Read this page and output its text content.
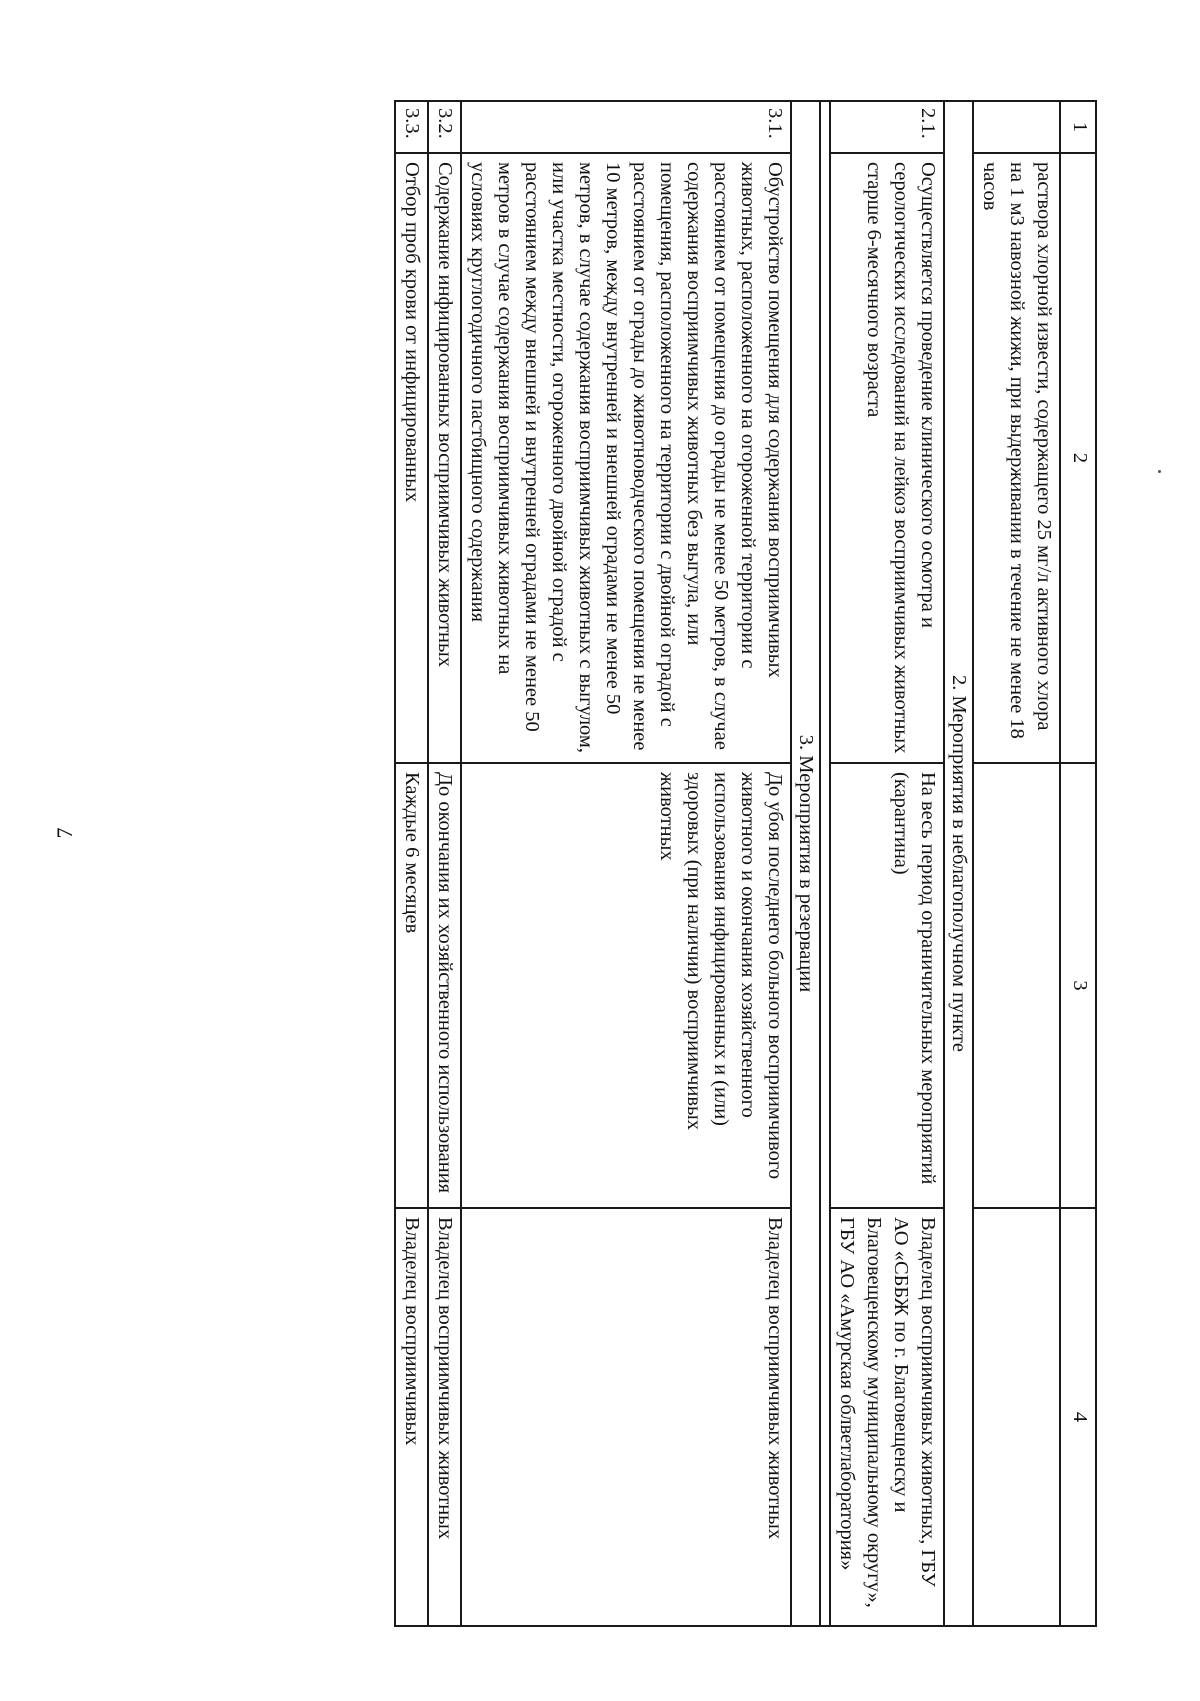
7
1	2	3	4
	раствора хлорной извести, содержащего 25 мг/л активного хлора на 1 м3 навозной жижи, при выдерживании в течение не менее 18 часов		
2. Мероприятия в неблагополучном пункте			
2.1.	Осуществляется проведение клинического осмотра и серологических исследований на лейкоз восприимчивых животных старше 6-месячного возраста	На весь период ограничительных мероприятий (карантина)	Владелец восприимчивых животных, ГБУ АО «СББЖ по г. Благовещенску и Благовещенскому муниципальному округу», ГБУ АО «Амурская облветлаборатория»

3. Мероприятия в резервации			
3.1.	Обустройство помещения для содержания восприимчивых животных, расположенного на огороженной территории с расстоянием от помещения до ограды не менее 50 метров, в случае содержания восприимчивых животных без выгула, или помещения, расположенного на территории с двойной оградой с расстоянием от ограды до животноводческого помещения не менее 10 метров, между внутренней и внешней оградами не менее 50 метров, в случае содержания восприимчивых животных с выгулом, или участка местности, огороженного двойной оградой с расстоянием между внешней и внутренней оградами не менее 50 метров в случае содержания восприимчивых животных на условиях круглогодичного пастбищного содержания	До убоя последнего больного восприимчивого животного и окончания хозяйственного использования инфицированных и (или) здоровых (при наличии) восприимчивых животных	Владелец восприимчивых животных
3.2.	Содержание инфицированных восприимчивых животных	До окончания их хозяйственного использования	Владелец восприимчивых животных
3.3.	Отбор проб крови от инфицированных	Каждые 6 месяцев	Владелец восприимчивых
